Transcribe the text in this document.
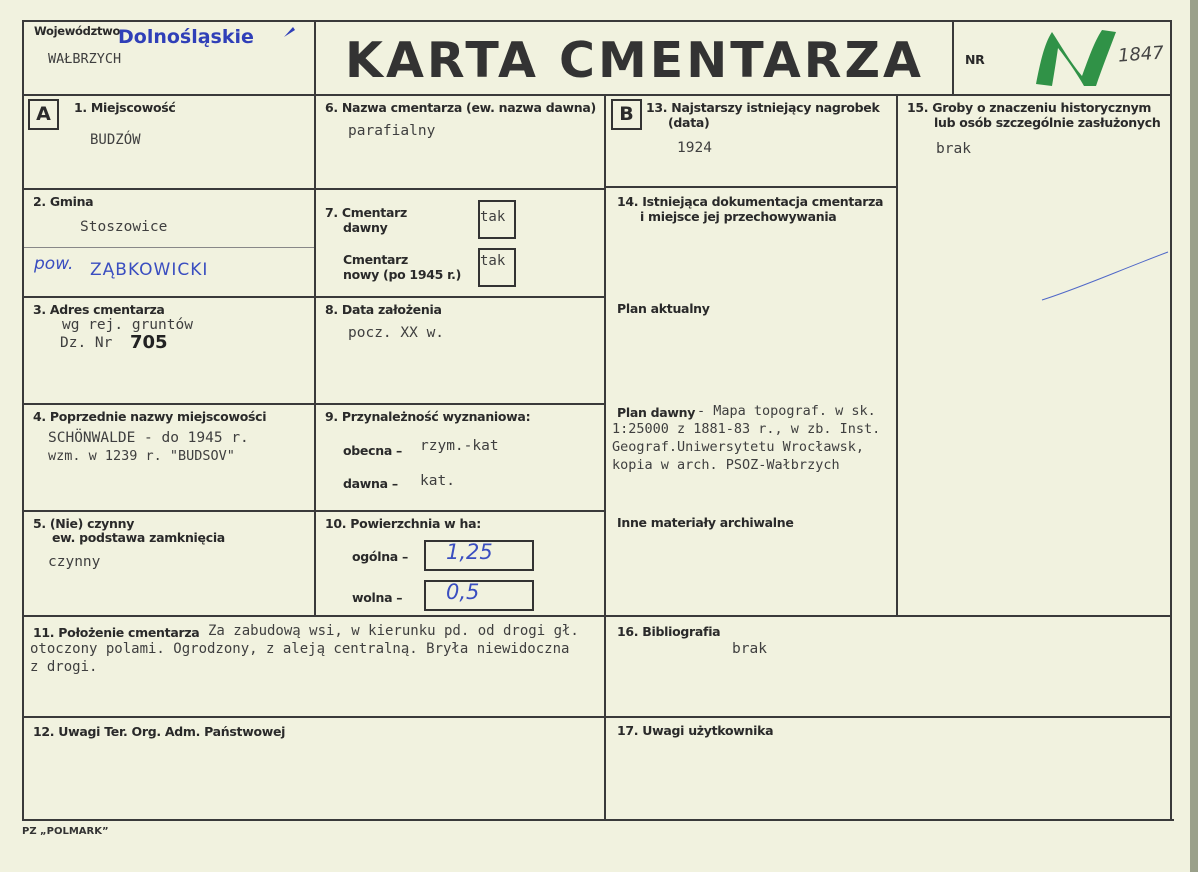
Województwo
Dolnośląskie
WAŁBRZYCH	KARTA CMENTARZA	NR	1847
A	1. Miejscowość
BUDZÓW
2. Gmina
Stoszowice
pow. ZĄBKOWICKI
3. Adres cmentarza
wg rej. gruntów
Dz. Nr 705
4. Poprzednie nazwy miejscowości
SCHÖNWALDE - do 1945 r.
wzm. w 1239 r. "BUDSOV"
5. (Nie) czynny
ew. podstawa zamknięcia
czynny
6. Nazwa cmentarza (ew. nazwa dawna)
parafialny
7. Cmentarz
dawny
tak
Cmentarz
nowy (po 1945 r.)
tak
8. Data założenia
pocz. XX w.
9. Przynależność wyznaniowa:
obecna – rzym.-kat
dawna – kat.
10. Powierzchnia w ha:
ogólna – 1,25
wolna – 0,5
B 13. Najstarszy istniejący nagrobek
(data)
1924
14. Istniejąca dokumentacja cmentarza
i miejsce jej przechowywania
Plan aktualny
Plan dawny - Mapa topograf. w sk.
1:25000 z 1881-83 r., w zb. Inst.
Geograf.Uniwersytetu Wrocławsk,
kopia w arch. PSOZ-Wałbrzych
Inne materiały archiwalne
15. Groby o znaczeniu historycznym
lub osób szczególnie zasłużonych
brak
11. Położenie cmentarza Za zabudową wsi, w kierunku pd. od drogi gł.
otoczony polami. Ogrodzony, z aleją centralną. Bryła niewidoczna
z drogi.
16. Bibliografia
brak
12. Uwagi Ter. Org. Adm. Państwowej	17. Uwagi użytkownika
PZ „POLMARK”
